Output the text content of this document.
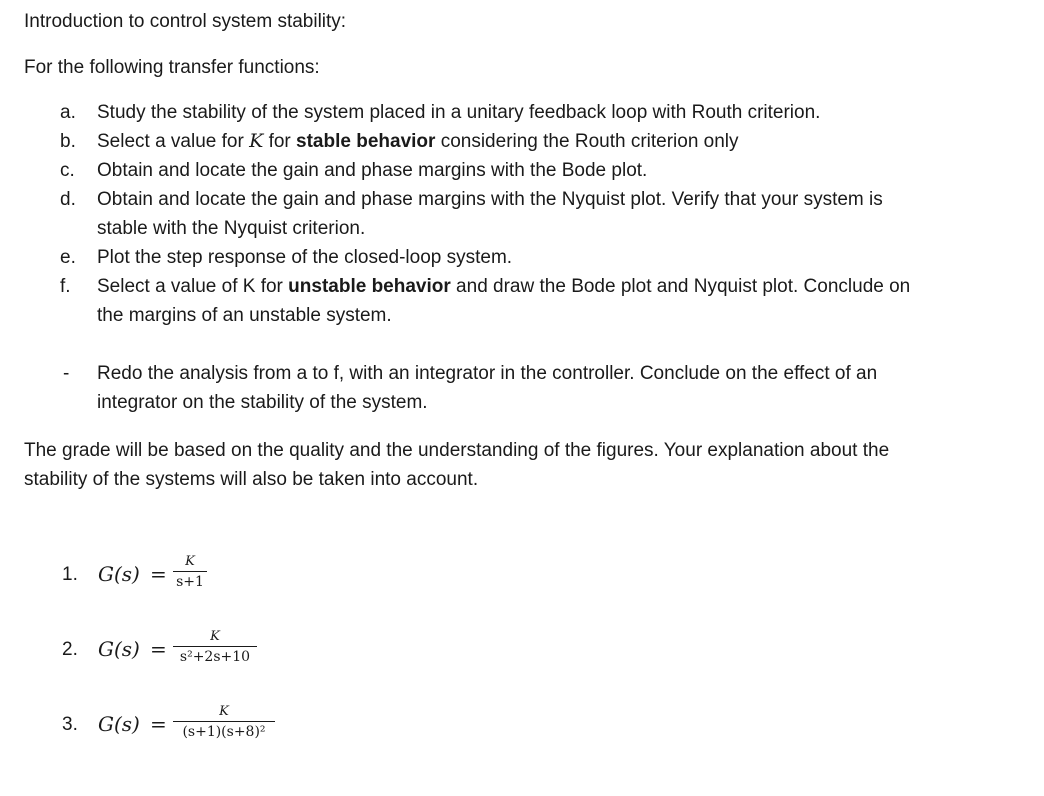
Introduction to control system stability:
For the following transfer functions:
a.	Study the stability of the system placed in a unitary feedback loop with Routh criterion.
b.	Select a value for K for stable behavior considering the Routh criterion only
c.	Obtain and locate the gain and phase margins with the Bode plot.
d.	Obtain and locate the gain and phase margins with the Nyquist plot. Verify that your system is
stable with the Nyquist criterion.
e.	Plot the step response of the closed-loop system.
f.	Select a value of K for unstable behavior and draw the Bode plot and Nyquist plot. Conclude on
the margins of an unstable system.
-	Redo the analysis from a to f, with an integrator in the controller. Conclude on the effect of an
integrator on the stability of the system.
The grade will be based on the quality and the understanding of the figures. Your explanation about the
stability of the systems will also be taken into account.
1. G(s) =
K
s+1
2. G(s) =
K
s²+2s+10
3. G(s) =
K
(s+1)(s+8)²
